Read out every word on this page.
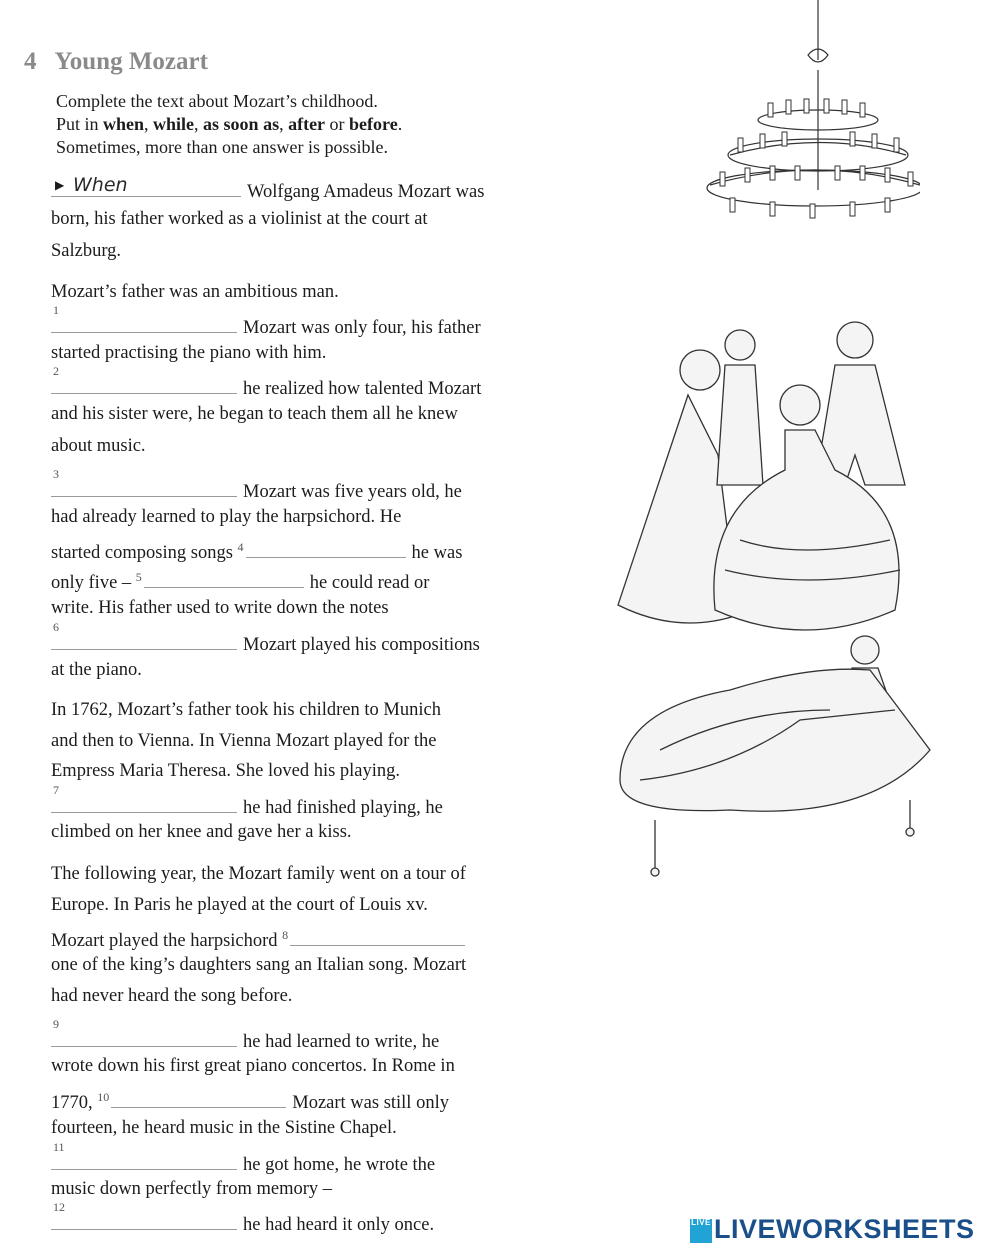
4 Young Mozart
Complete the text about Mozart’s childhood.
Put in when, while, as soon as, after or before.
Sometimes, more than one answer is possible.
▶ When	Wolfgang Amadeus Mozart was
born, his father worked as a violinist at the court at
Salzburg.
Mozart’s father was an ambitious man.
1
Mozart was only four, his father
started practising the piano with him.
2
he realized how talented Mozart
and his sister were, he began to teach them all he knew
about music.
3
Mozart was five years old, he
had already learned to play the harpsichord. He
started composing songs $^4$	he was
only five – $^5$	he could read or
write. His father used to write down the notes
6
Mozart played his compositions
at the piano.
In 1762, Mozart’s father took his children to Munich
and then to Vienna. In Vienna Mozart played for the
Empress Maria Theresa. She loved his playing.
7
he had finished playing, he
climbed on her knee and gave her a kiss.
The following year, the Mozart family went on a tour of
Europe. In Paris he played at the court of Louis xv.
Mozart played the harpsichord $^8$
one of the king’s daughters sang an Italian song. Mozart
had never heard the song before.
9
he had learned to write, he
wrote down his first great piano concertos. In Rome in
1770, $^{10}$	Mozart was still only
fourteen, he heard music in the Sistine Chapel.
11
he got home, he wrote the
music down perfectly from memory –
12
he had heard it only once.	LIVE LIVEWORKSHEETS
